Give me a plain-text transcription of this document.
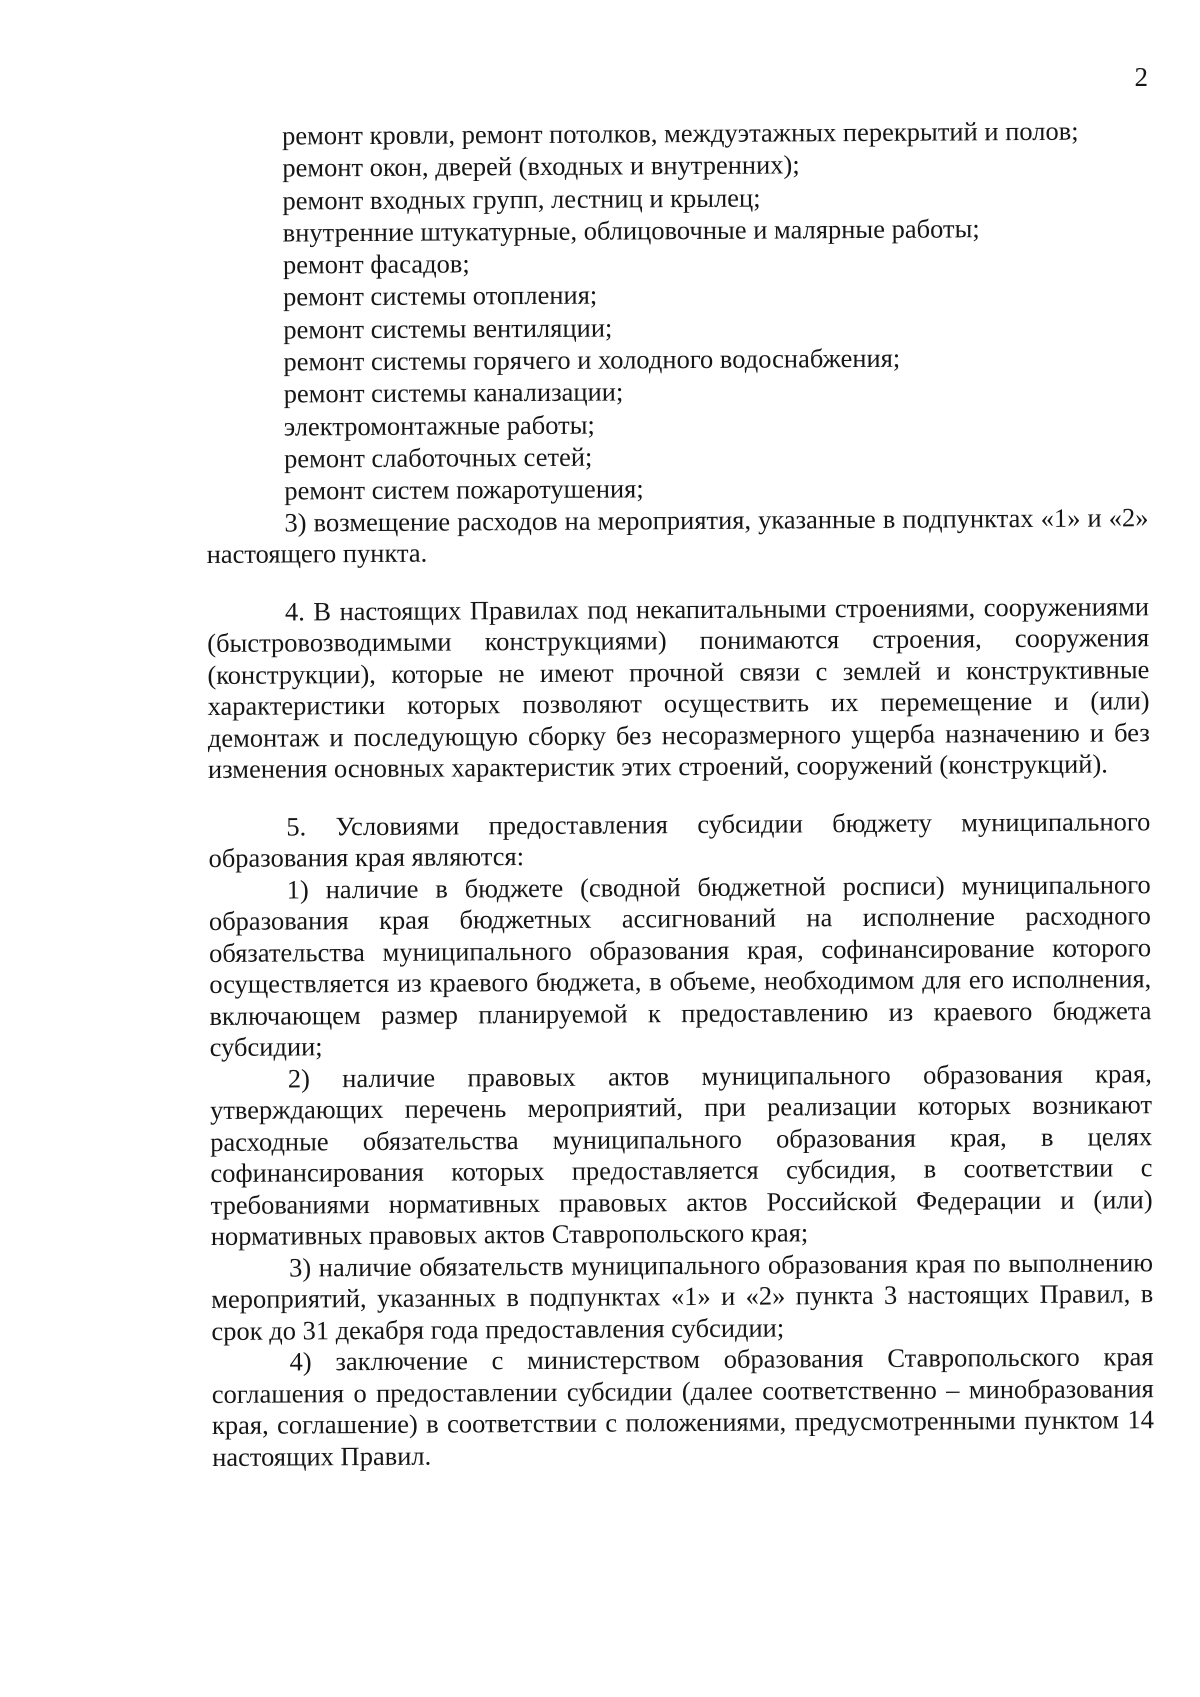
2

ремонт кровли, ремонт потолков, междуэтажных перекрытий и полов;

ремонт окон, дверей (входных и внутренних);

ремонт входных групп, лестниц и крылец;

внутренние штукатурные, облицовочные и малярные работы;

ремонт фасадов;

ремонт системы отопления;

ремонт системы вентиляции;

ремонт системы горячего и холодного водоснабжения;

ремонт системы канализации;

электромонтажные работы;

ремонт слаботочных сетей;

ремонт систем пожаротушения;

3) возмещение расходов на мероприятия, указанные в подпунктах «1» и «2» настоящего пункта.

4. В настоящих Правилах под некапитальными строениями, сооружениями (быстровозводимыми конструкциями) понимаются строения, сооружения (конструкции), которые не имеют прочной связи с землей и конструктивные характеристики которых позволяют осуществить их перемещение и (или) демонтаж и последующую сборку без несоразмерного ущерба назначению и без изменения основных характеристик этих строений, сооружений (конструкций).

5. Условиями предоставления субсидии бюджету муниципального образования края являются:

1) наличие в бюджете (сводной бюджетной росписи) муниципального образования края бюджетных ассигнований на исполнение расходного обязательства муниципального образования края, софинансирование которого осуществляется из краевого бюджета, в объеме, необходимом для его исполнения, включающем размер планируемой к предоставлению из краевого бюджета субсидии;

2) наличие правовых актов муниципального образования края, утверждающих перечень мероприятий, при реализации которых возникают расходные обязательства муниципального образования края, в целях софинансирования которых предоставляется субсидия, в соответствии с требованиями нормативных правовых актов Российской Федерации и (или) нормативных правовых актов Ставропольского края;

3) наличие обязательств муниципального образования края по выполнению мероприятий, указанных в подпунктах «1» и «2» пункта 3 настоящих Правил, в срок до 31 декабря года предоставления субсидии;

4) заключение с министерством образования Ставропольского края соглашения о предоставлении субсидии (далее соответственно – минобразования края, соглашение) в соответствии с положениями, предусмотренными пунктом 14 настоящих Правил.
